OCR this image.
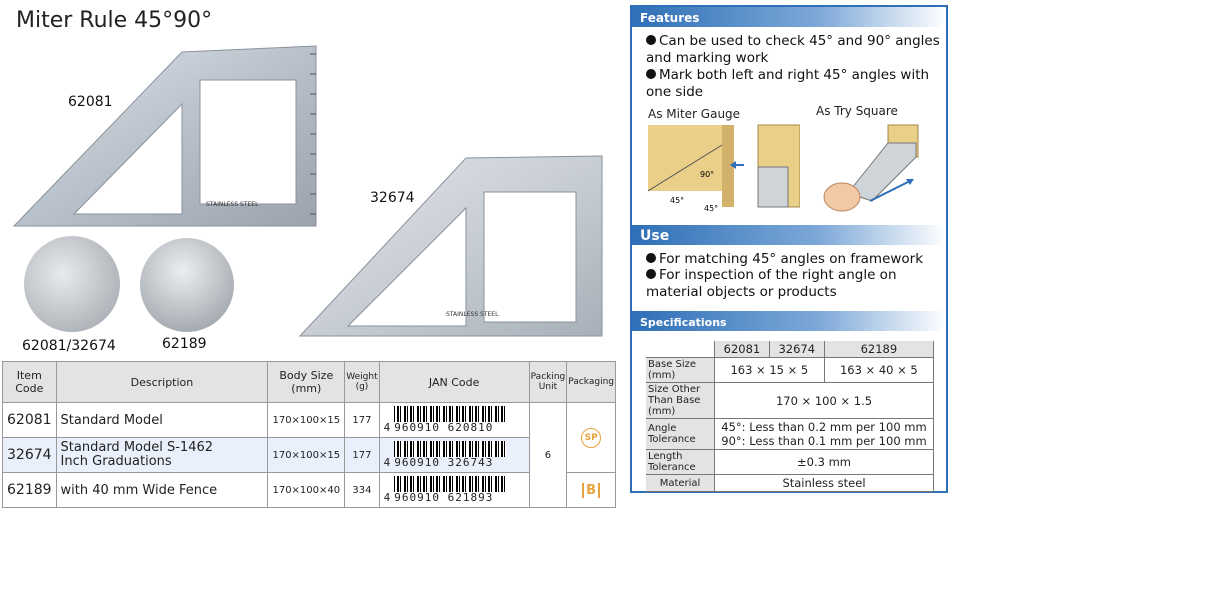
Miter Rule 45°90°
62081
32674
62081/32674	62189
STAINLESS STEEL
STAINLESS STEEL
Item Code	Description	Body Size (mm)	Weight (g)	JAN Code	Packing Unit	Packaging
62081	Standard Model	170×100×15	177	4 960910 620810	6	SP
32674	Standard Model S-1462
Inch Graduations	170×100×15	177	4 960910 326743		

62189	with 40 mm Wide Fence	170×100×40	334	4 960910 621893		B
Features
Can be used to check 45° and 90° angles and marking work
Mark both left and right 45° angles with one side
As Miter Gauge	As Try Square
90°
45°
45°
Use
For matching 45° angles on framework
For inspection of the right angle on material objects or products
Specifications
	62081	32674	62189
Base Size (mm)	163 × 15 × 5		163 × 40 × 5
Size Other Than Base (mm)	170 × 100 × 1.5		
Angle Tolerance	45°: Less than 0.2 mm per 100 mm
90°: Less than 0.1 mm per 100 mm		

Length Tolerance	±0.3 mm		
Material	Stainless steel		
